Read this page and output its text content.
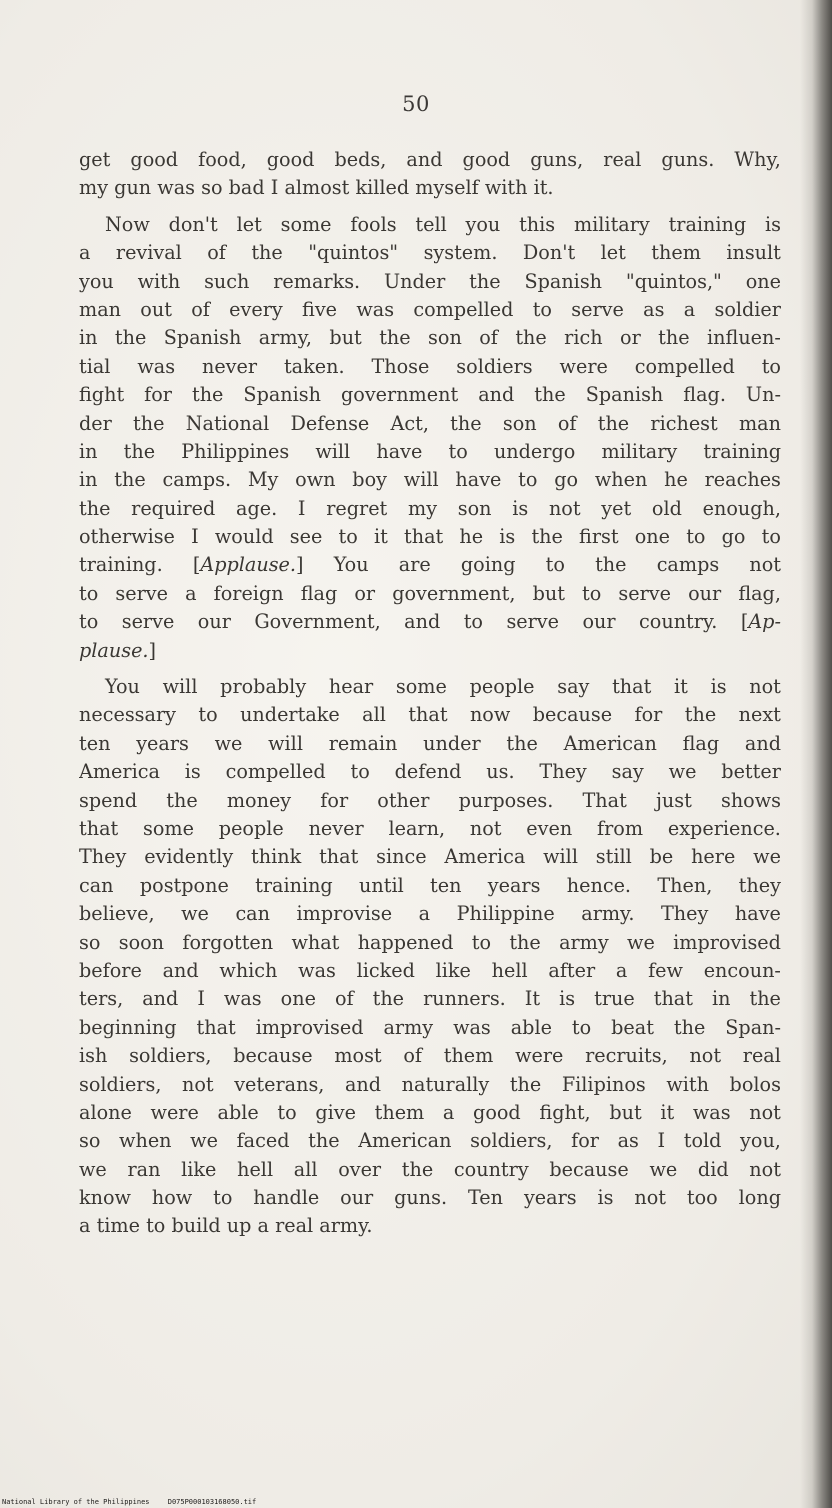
50
get good food, good beds, and good guns, real guns. Why,
my gun was so bad I almost killed myself with it.
Now don't let some fools tell you this military training is
a revival of the "quintos" system. Don't let them insult
you with such remarks. Under the Spanish "quintos," one
man out of every five was compelled to serve as a soldier
in the Spanish army, but the son of the rich or the influen-
tial was never taken. Those soldiers were compelled to
fight for the Spanish government and the Spanish flag. Un-
der the National Defense Act, the son of the richest man
in the Philippines will have to undergo military training
in the camps. My own boy will have to go when he reaches
the required age. I regret my son is not yet old enough,
otherwise I would see to it that he is the first one to go to
training. [Applause.] You are going to the camps not
to serve a foreign flag or government, but to serve our flag,
to serve our Government, and to serve our country. [Ap-
plause.]
You will probably hear some people say that it is not
necessary to undertake all that now because for the next
ten years we will remain under the American flag and
America is compelled to defend us. They say we better
spend the money for other purposes. That just shows
that some people never learn, not even from experience.
They evidently think that since America will still be here we
can postpone training until ten years hence. Then, they
believe, we can improvise a Philippine army. They have
so soon forgotten what happened to the army we improvised
before and which was licked like hell after a few encoun-
ters, and I was one of the runners. It is true that in the
beginning that improvised army was able to beat the Span-
ish soldiers, because most of them were recruits, not real
soldiers, not veterans, and naturally the Filipinos with bolos
alone were able to give them a good fight, but it was not
so when we faced the American soldiers, for as I told you,
we ran like hell all over the country because we did not
know how to handle our guns. Ten years is not too long
a time to build up a real army.
National Library of the Philippines	D075P000103168050.tif
